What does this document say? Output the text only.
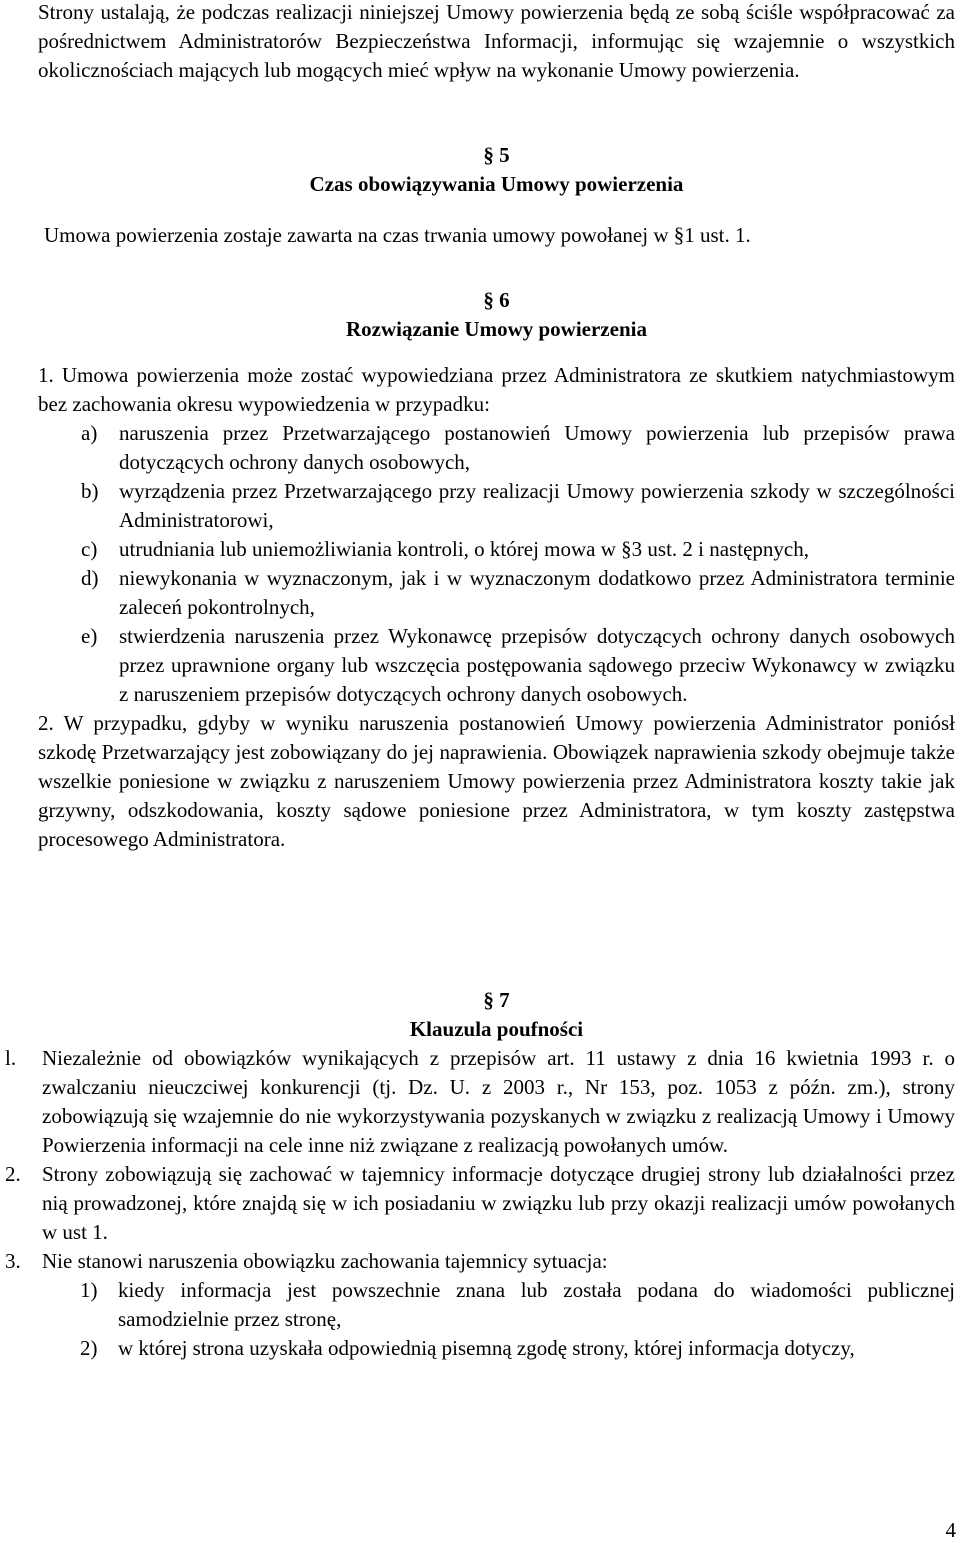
Strony ustalają, że podczas realizacji niniejszej Umowy powierzenia będą ze sobą ściśle współpracować za pośrednictwem Administratorów Bezpieczeństwa Informacji, informując się wzajemnie o wszystkich okolicznościach mających lub mogących mieć wpływ na wykonanie Umowy powierzenia.

§ 5

Czas obowiązywania Umowy powierzenia

Umowa powierzenia zostaje zawarta na czas trwania umowy powołanej w §1 ust. 1.

§ 6

Rozwiązanie Umowy powierzenia

1. Umowa powierzenia może zostać wypowiedziana przez Administratora ze skutkiem natychmiastowym bez zachowania okresu wypowiedzenia w przypadku:

a)	naruszenia przez Przetwarzającego postanowień Umowy powierzenia lub przepisów prawa dotyczących ochrony danych osobowych,
b) wyrządzenia przez Przetwarzającego przy realizacji Umowy powierzenia szkody w szczególności Administratorowi,
c)	utrudniania lub uniemożliwiania kontroli, o której mowa w §3 ust. 2 i następnych,
d) niewykonania w wyznaczonym, jak i w wyznaczonym dodatkowo przez Administratora terminie zaleceń pokontrolnych,
e)	stwierdzenia naruszenia przez Wykonawcę przepisów dotyczących ochrony danych osobowych przez uprawnione organy lub wszczęcia postępowania sądowego przeciw Wykonawcy w związku z naruszeniem przepisów dotyczących ochrony danych osobowych.

2. W przypadku, gdyby w wyniku naruszenia postanowień Umowy powierzenia Administrator poniósł szkodę Przetwarzający jest zobowiązany do jej naprawienia. Obowiązek naprawienia szkody obejmuje także wszelkie poniesione w związku z naruszeniem Umowy powierzenia przez Administratora koszty takie jak grzywny, odszkodowania, koszty sądowe poniesione przez Administratora, w tym koszty zastępstwa procesowego Administratora.

§ 7

Klauzula poufności

l.	Niezależnie od obowiązków wynikających z przepisów art. 11 ustawy z dnia 16 kwietnia 1993 r. o zwalczaniu nieuczciwej konkurencji (tj. Dz. U. z 2003 r., Nr 153, poz. 1053 z późn. zm.), strony zobowiązują się wzajemnie do nie wykorzystywania pozyskanych w związku z realizacją Umowy i Umowy Powierzenia informacji na cele inne niż związane z realizacją powołanych umów.
2.	Strony zobowiązują się zachować w tajemnicy informacje dotyczące drugiej strony lub działalności przez nią prowadzonej, które znajdą się w ich posiadaniu w związku lub przy okazji realizacji umów powołanych w ust 1.
3.	Nie stanowi naruszenia obowiązku zachowania tajemnicy sytuacja:
1) kiedy informacja jest powszechnie znana lub została podana do wiadomości publicznej samodzielnie przez stronę,
2) w której strona uzyskała odpowiednią pisemną zgodę strony, której informacja dotyczy,
4
